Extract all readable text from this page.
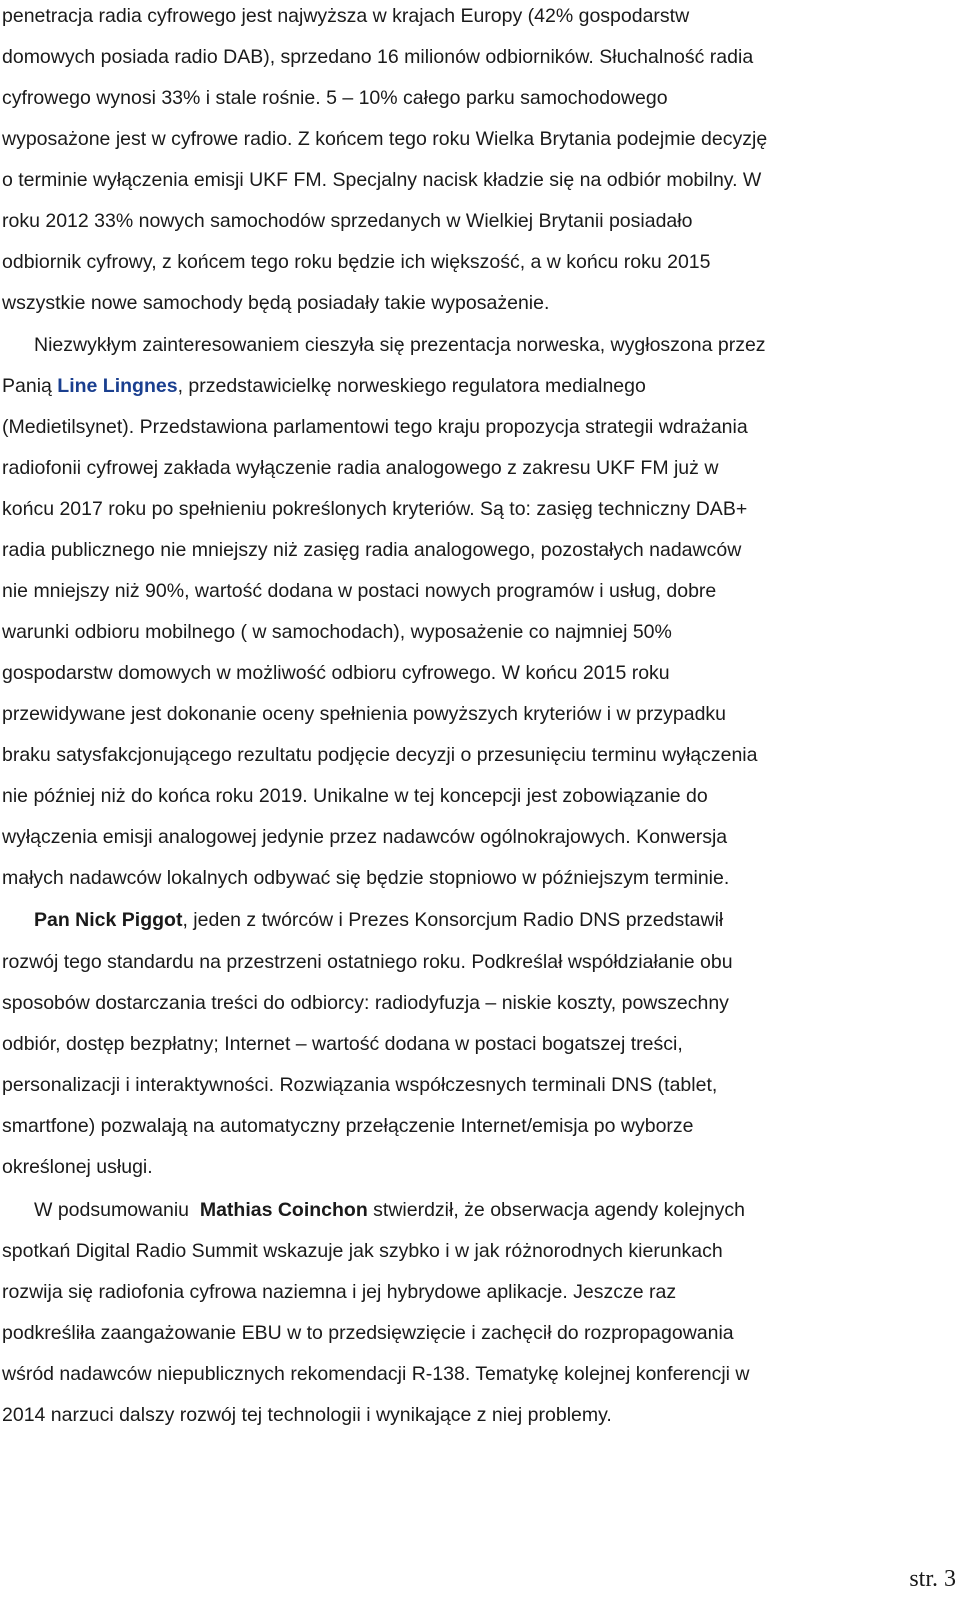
penetracja radia cyfrowego jest najwyższa w krajach Europy (42% gospodarstw
domowych posiada radio DAB), sprzedano 16 milionów odbiorników. Słuchalność radia
cyfrowego wynosi 33% i stale rośnie. 5 – 10% całego parku samochodowego
wyposażone jest w cyfrowe radio. Z końcem tego roku Wielka Brytania podejmie decyzję
o terminie wyłączenia emisji UKF FM. Specjalny nacisk kładzie się na odbiór mobilny. W
roku 2012 33% nowych samochodów sprzedanych w Wielkiej Brytanii posiadało
odbiornik cyfrowy, z końcem tego roku będzie ich większość, a w końcu roku 2015
wszystkie nowe samochody będą posiadały takie wyposażenie.
Niezwykłym zainteresowaniem cieszyła się prezentacja norweska, wygłoszona przez
Panią Line Lingnes, przedstawicielkę norweskiego regulatora medialnego
(Medietilsynet). Przedstawiona parlamentowi tego kraju propozycja strategii wdrażania
radiofonii cyfrowej zakłada wyłączenie radia analogowego z zakresu UKF FM już w
końcu 2017 roku po spełnieniu pokreślonych kryteriów. Są to: zasięg techniczny DAB+
radia publicznego nie mniejszy niż zasięg radia analogowego, pozostałych nadawców
nie mniejszy niż 90%, wartość dodana w postaci nowych programów i usług, dobre
warunki odbioru mobilnego ( w samochodach), wyposażenie co najmniej 50%
gospodarstw domowych w możliwość odbioru cyfrowego. W końcu 2015 roku
przewidywane jest dokonanie oceny spełnienia powyższych kryteriów i w przypadku
braku satysfakcjonującego rezultatu podjęcie decyzji o przesunięciu terminu wyłączenia
nie później niż do końca roku 2019. Unikalne w tej koncepcji jest zobowiązanie do
wyłączenia emisji analogowej jedynie przez nadawców ogólnokrajowych. Konwersja
małych nadawców lokalnych odbywać się będzie stopniowo w późniejszym terminie.
Pan Nick Piggot, jeden z twórców i Prezes Konsorcjum Radio DNS przedstawił
rozwój tego standardu na przestrzeni ostatniego roku. Podkreślał współdziałanie obu
sposobów dostarczania treści do odbiorcy: radiodyfuzja – niskie koszty, powszechny
odbiór, dostęp bezpłatny; Internet – wartość dodana w postaci bogatszej treści,
personalizacji i interaktywności. Rozwiązania współczesnych terminali DNS (tablet,
smartfone) pozwalają na automatyczny przełączenie Internet/emisja po wyborze
określonej usługi.
W podsumowaniu  Mathias Coinchon stwierdził, że obserwacja agendy kolejnych
spotkań Digital Radio Summit wskazuje jak szybko i w jak różnorodnych kierunkach
rozwija się radiofonia cyfrowa naziemna i jej hybrydowe aplikacje. Jeszcze raz
podkreśliła zaangażowanie EBU w to przedsięwzięcie i zachęcił do rozpropagowania
wśród nadawców niepublicznych rekomendacji R-138. Tematykę kolejnej konferencji w
2014 narzuci dalszy rozwój tej technologii i wynikające z niej problemy.
str. 3
